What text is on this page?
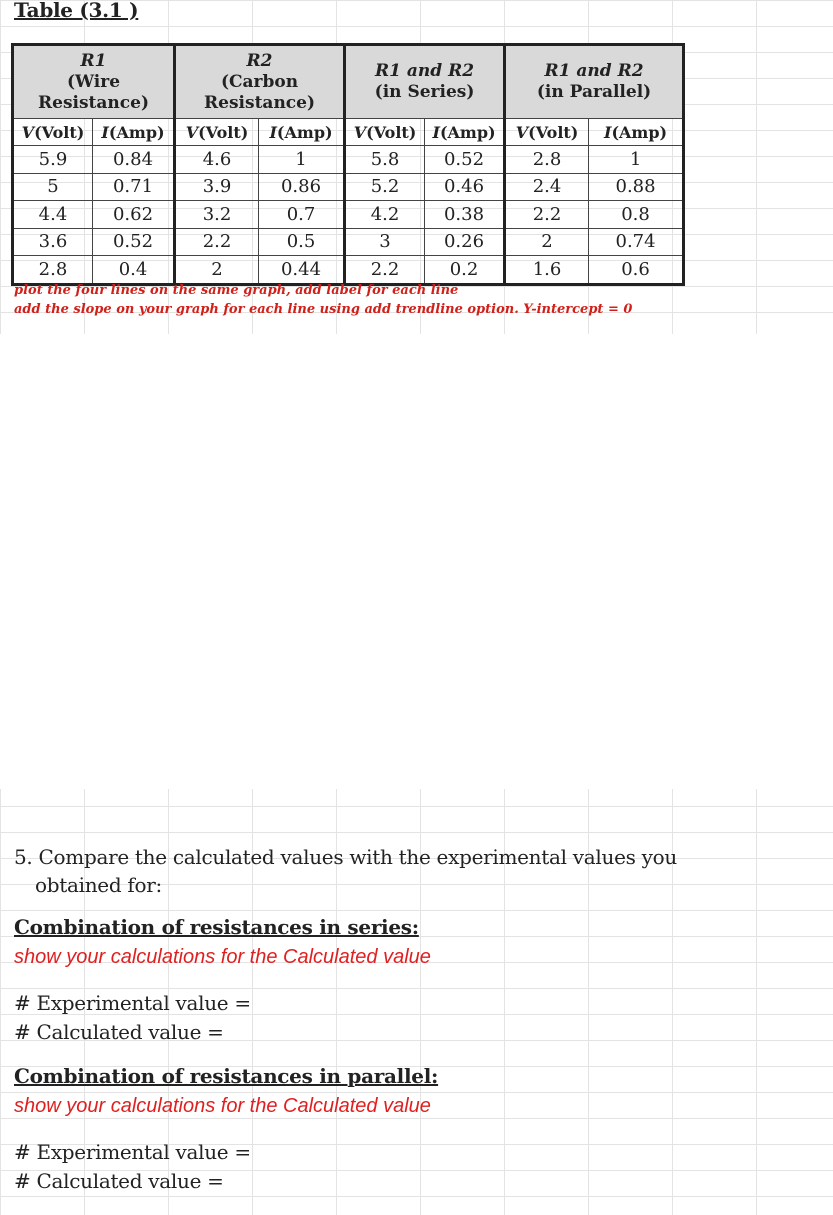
Table (3.1 )
R1
(Wire
Resistance)		R2
(Carbon
Resistance)		R1 and R2
(in Series)		R1 and R2
(in Parallel)	

V(Volt)	I(Amp)	V(Volt)	I(Amp)	V(Volt)	I(Amp)	V(Volt)	I(Amp)
5.9	0.84	4.6	1	5.8	0.52	2.8	1
5	0.71	3.9	0.86	5.2	0.46	2.4	0.88
4.4	0.62	3.2	0.7	4.2	0.38	2.2	0.8
3.6	0.52	2.2	0.5	3	0.26	2	0.74
2.8	0.4	2	0.44	2.2	0.2	1.6	0.6

plot the four lines on the same graph, add label for each line

add the slope on your graph for each line using add trendline option. Y-intercept = 0

5. Compare the calculated values with the experimental values you
obtained for:

Combination of resistances in series:

show your calculations for the Calculated value

# Experimental value =

# Calculated value =

Combination of resistances in parallel:

show your calculations for the Calculated value

# Experimental value =

# Calculated value =
